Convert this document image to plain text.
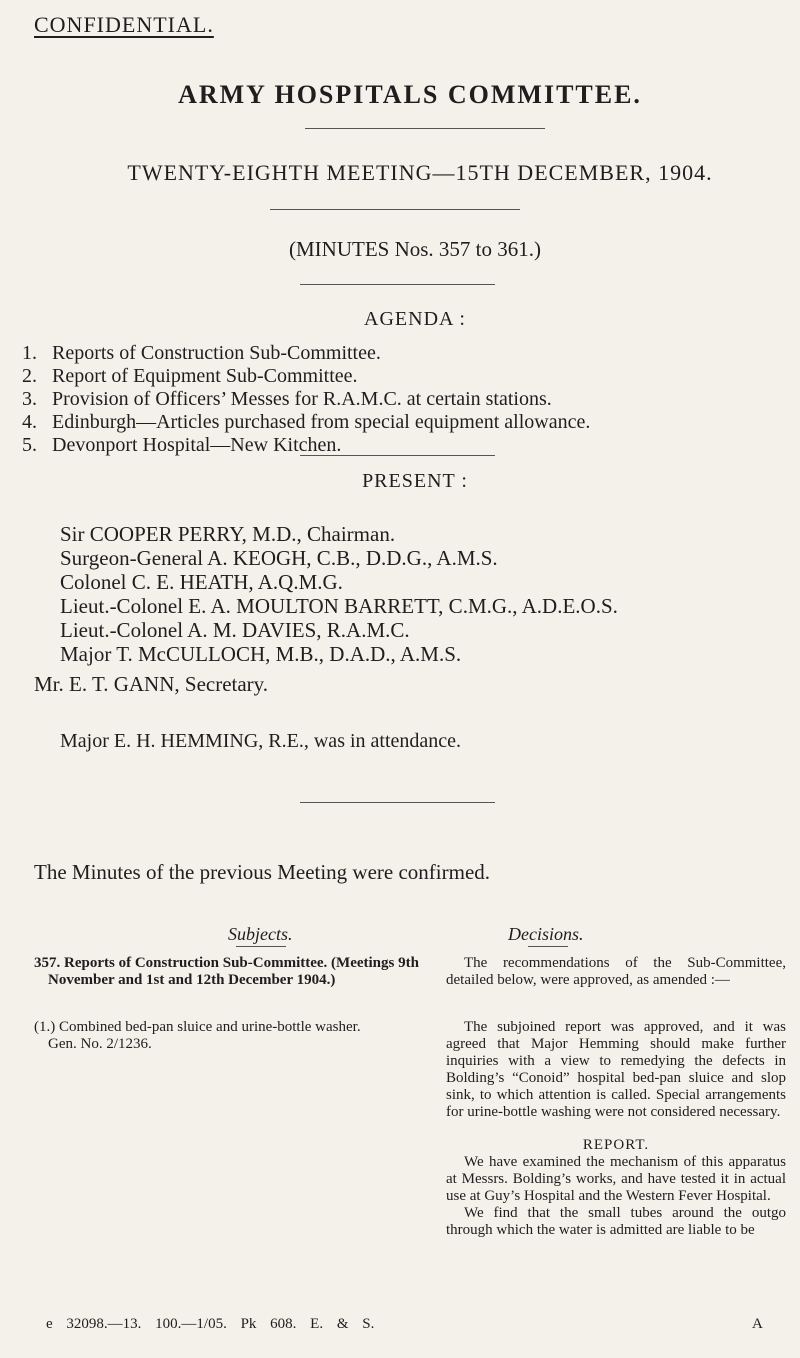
CONFIDENTIAL.
ARMY HOSPITALS COMMITTEE.
TWENTY-EIGHTH MEETING—15TH DECEMBER, 1904.
(MINUTES Nos. 357 to 361.)
AGENDA :
1. Reports of Construction Sub-Committee.
2. Report of Equipment Sub-Committee.
3. Provision of Officers’ Messes for R.A.M.C. at certain stations.
4. Edinburgh—Articles purchased from special equipment allowance.
5. Devonport Hospital—New Kitchen.
PRESENT :
Sir COOPER PERRY, M.D., Chairman.
Surgeon-General A. KEOGH, C.B., D.D.G., A.M.S.
Colonel C. E. HEATH, A.Q.M.G.
Lieut.-Colonel E. A. MOULTON BARRETT, C.M.G., A.D.E.O.S.
Lieut.-Colonel A. M. DAVIES, R.A.M.C.
Major T. McCULLOCH, M.B., D.A.D., A.M.S.
Mr. E. T. GANN, Secretary.
Major E. H. HEMMING, R.E., was in attendance.
The Minutes of the previous Meeting were confirmed.
Subjects.	Decisions.

357. Reports of Construction Sub-Committee. (Meetings 9th November and 1st and 12th December 1904.)

(1.) Combined bed-pan sluice and urine-bottle washer.

Gen. No. 2/1236.

The recommendations of the Sub-Committee, detailed below, were approved, as amended :—

The subjoined report was approved, and it was agreed that Major Hemming should make further inquiries with a view to remedying the defects in Bolding’s “Conoid” hospital bed-pan sluice and slop sink, to which attention is called. Special arrangements for urine-bottle washing were not considered necessary.

REPORT.

We have examined the mechanism of this apparatus at Messrs. Bolding’s works, and have tested it in actual use at Guy’s Hospital and the Western Fever Hospital.

We find that the small tubes around the outgo through which the water is admitted are liable to be

e 32098.—13. 100.—1/05. Pk 608. E. & S.	A
